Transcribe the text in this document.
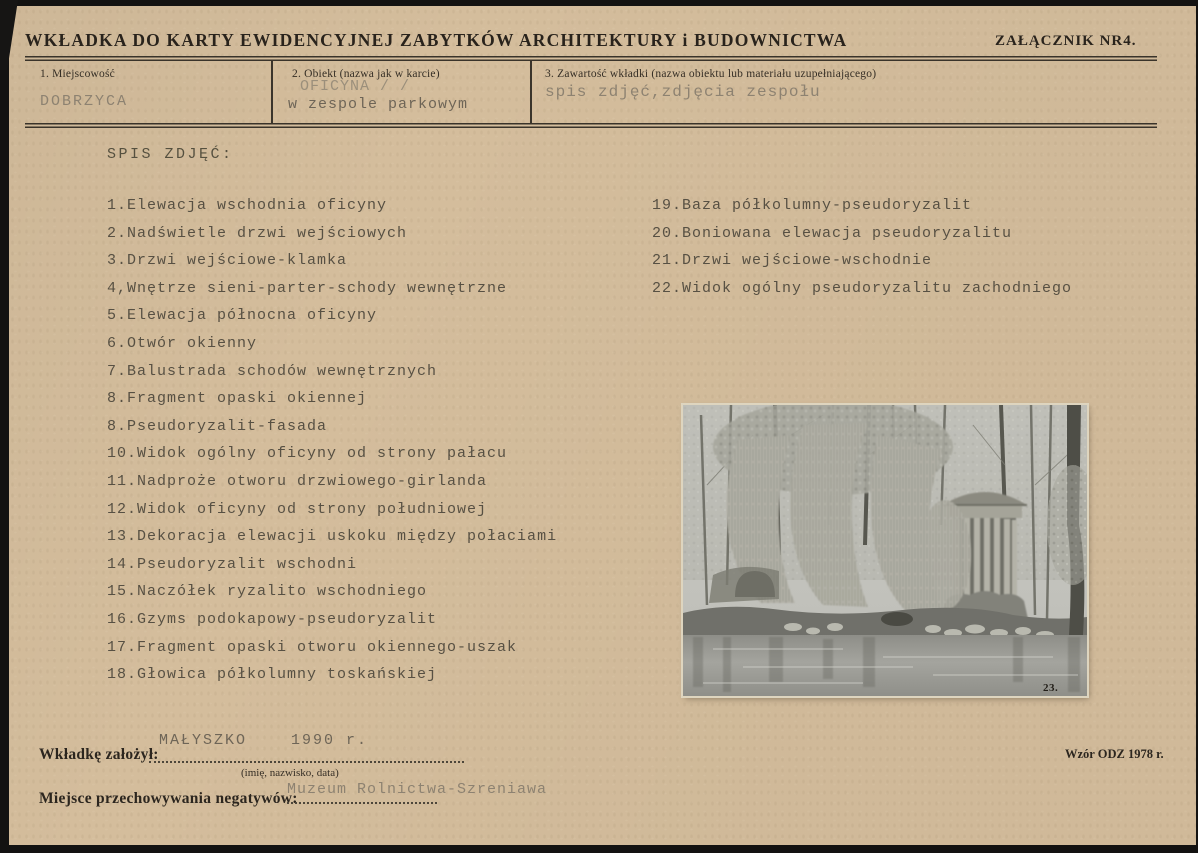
WKŁADKA DO KARTY EWIDENCYJNEJ ZABYTKÓW ARCHITEKTURY i BUDOWNICTWA	ZAŁĄCZNIK NR4.
1. Miejscowość
DOBRZYCA
2. Obiekt (nazwa jak w karcie)
OFICYNA / /
w zespole parkowym
3. Zawartość wkładki (nazwa obiektu lub materiału uzupełniającego)
spis zdjęć,zdjęcia zespołu
SPIS ZDJĘĆ:
1.Elewacja wschodnia oficyny
2.Nadświetle drzwi wejściowych
3.Drzwi wejściowe-klamka
4,Wnętrze sieni-parter-schody wewnętrzne
5.Elewacja północna oficyny
6.Otwór okienny
7.Balustrada schodów wewnętrznych
8.Fragment opaski okiennej
8.Pseudoryzalit-fasada
10.Widok ogólny oficyny od strony pałacu
11.Nadproże otworu drzwiowego-girlanda
12.Widok oficyny od strony południowej
13.Dekoracja elewacji uskoku między połaciami
14.Pseudoryzalit wschodni
15.Naczółek ryzalito wschodniego
16.Gzyms podokapowy-pseudoryzalit
17.Fragment opaski otworu okiennego-uszak
18.Głowica półkolumny toskańskiej
19.Baza półkolumny-pseudoryzalit
20.Boniowana elewacja pseudoryzalitu
21.Drzwi wejściowe-wschodnie
22.Widok ogólny pseudoryzalitu zachodniego
23.
MAŁYSZKO    1990 r.
Wkładkę założył:
(imię, nazwisko, data)
Wzór ODZ 1978 r.
Muzeum Rolnictwa-Szreniawa
Miejsce przechowywania negatywów:
